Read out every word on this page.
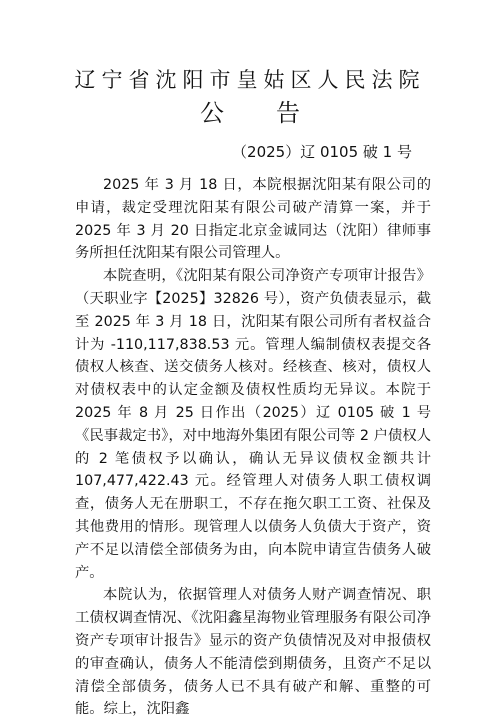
辽宁省沈阳市皇姑区人民法院
公告
（2025）辽 0105 破 1 号

2025 年 3 月 18 日，本院根据沈阳某有限公司的申请，裁定受理沈阳某有限公司破产清算一案，并于 2025 年 3 月 20 日指定北京金诚同达（沈阳）律师事务所担任沈阳某有限公司管理人。

本院查明，《沈阳某有限公司净资产专项审计报告》（天职业字【2025】32826 号），资产负债表显示，截至 2025 年 3 月 18 日，沈阳某有限公司所有者权益合计为 -110,117,838.53 元。管理人编制债权表提交各债权人核查、送交债务人核对。经核查、核对，债权人对债权表中的认定金额及债权性质均无异议。本院于 2025 年 8 月 25 日作出（2025）辽 0105 破 1 号《民事裁定书》，对中地海外集团有限公司等 2 户债权人的 2 笔债权予以确认，确认无异议债权金额共计 107,477,422.43 元。经管理人对债务人职工债权调查，债务人无在册职工，不存在拖欠职工工资、社保及其他费用的情形。现管理人以债务人负债大于资产，资产不足以清偿全部债务为由，向本院申请宣告债务人破产。

本院认为，依据管理人对债务人财产调查情况、职工债权调查情况、《沈阳鑫星海物业管理服务有限公司净资产专项审计报告》显示的资产负债情况及对申报债权的审查确认，债务人不能清偿到期债务，且资产不足以清偿全部债务，债务人已不具有破产和解、重整的可能。综上，沈阳鑫
